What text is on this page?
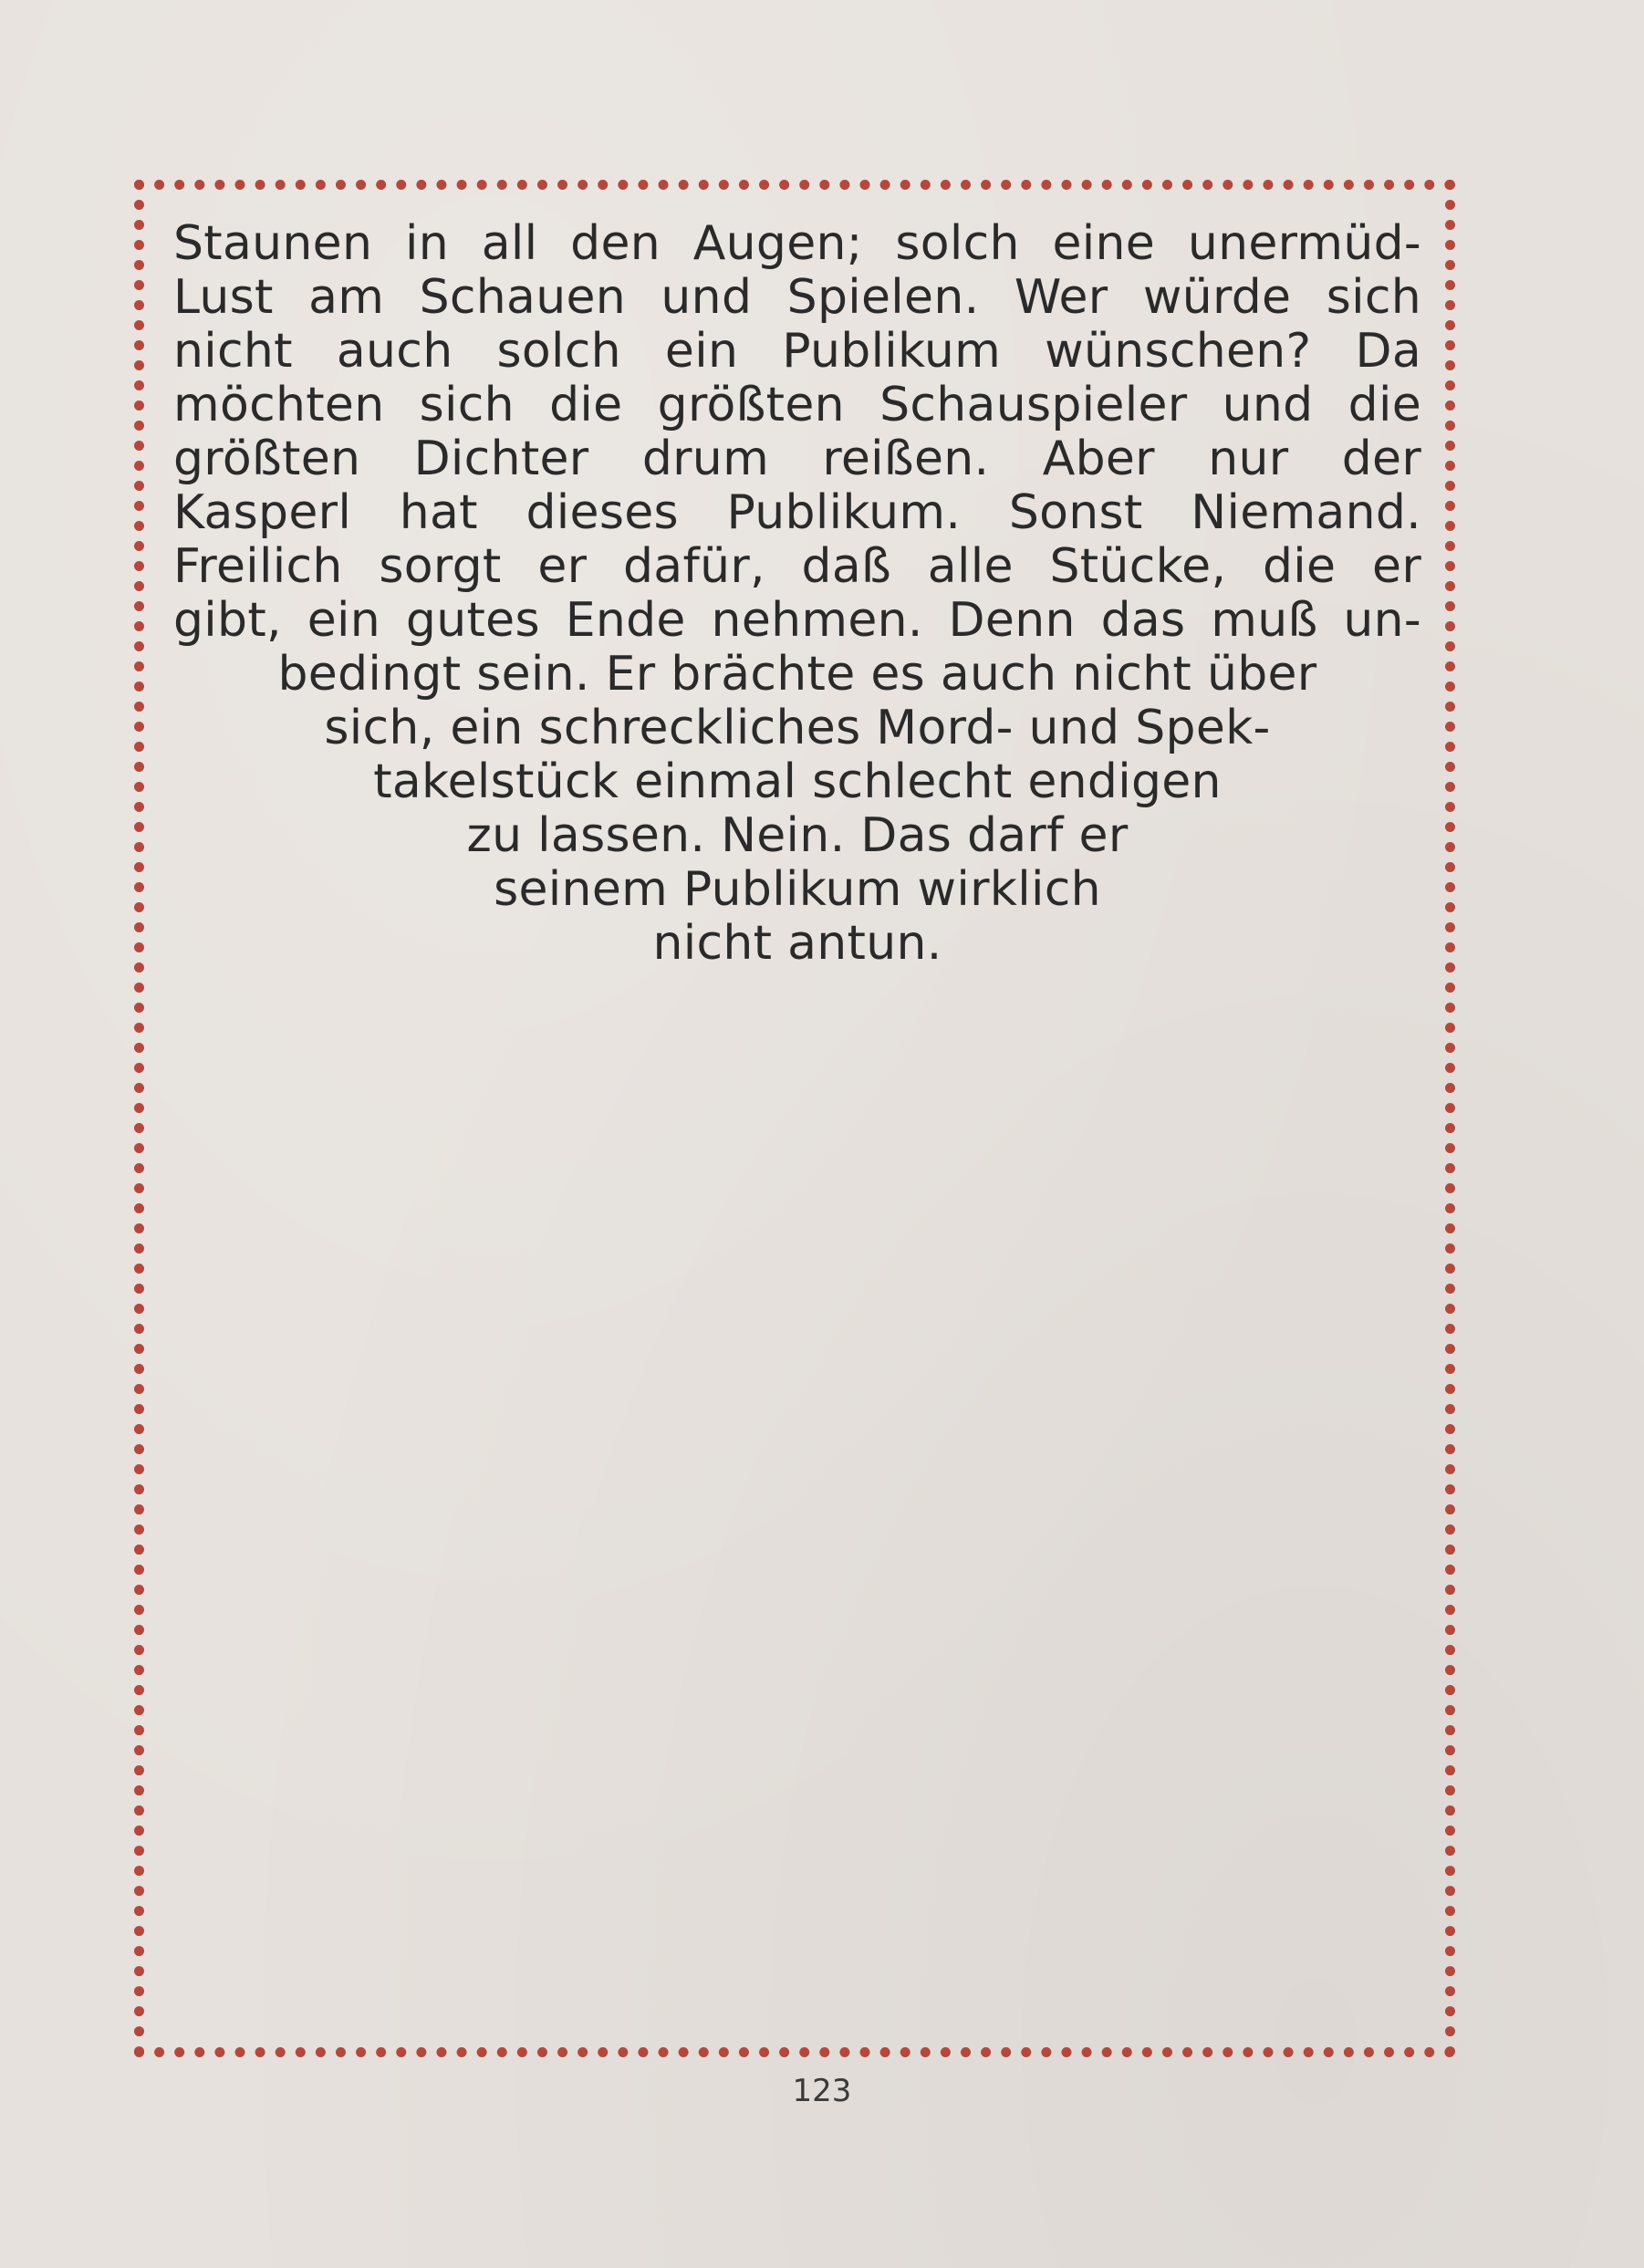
Staunen in all den Augen; solch eine unermüd-
Lust am Schauen und Spielen. Wer würde sich
nicht auch solch ein Publikum wünschen? Da
möchten sich die größten Schauspieler und die
größten Dichter drum reißen. Aber nur der
Kasperl hat dieses Publikum. Sonst Niemand.
Freilich sorgt er dafür, daß alle Stücke, die er
gibt, ein gutes Ende nehmen. Denn das muß un-
bedingt sein. Er brächte es auch nicht über
sich, ein schreckliches Mord- und Spek-
takelstück einmal schlecht endigen
zu lassen. Nein. Das darf er
seinem Publikum wirklich
nicht antun.
123
